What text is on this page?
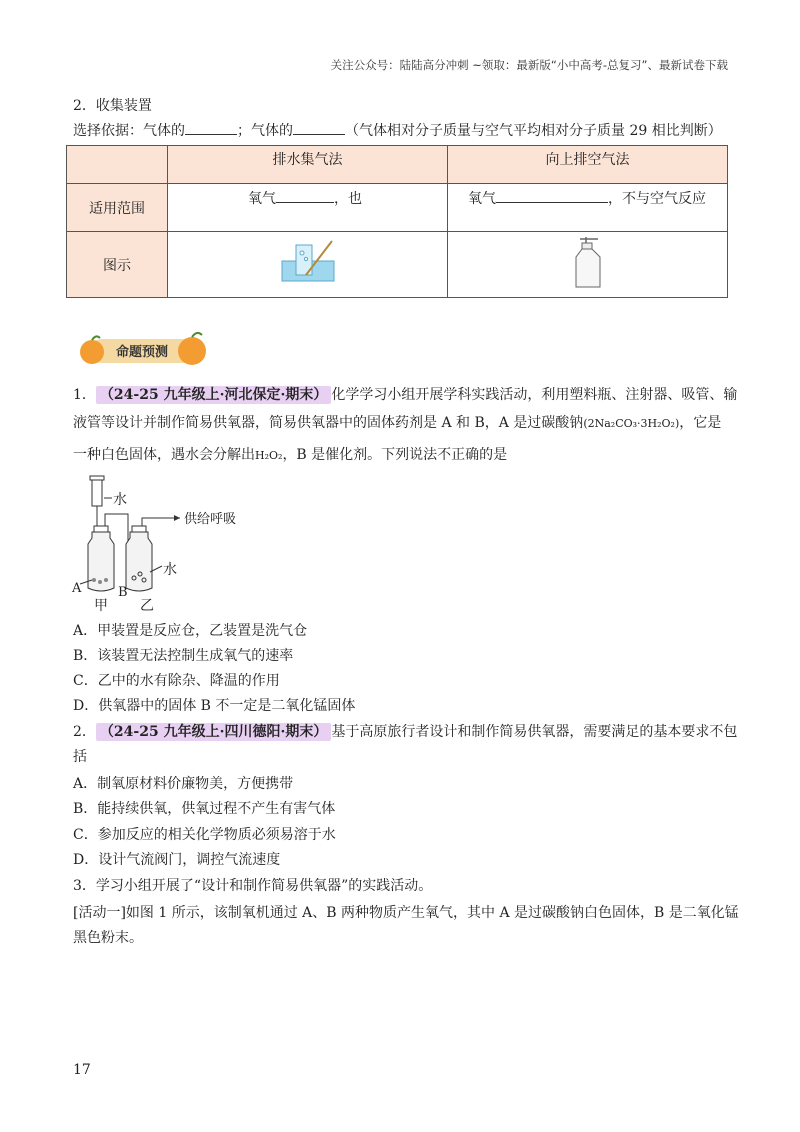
关注公众号：陆陆高分冲刺 ~领取：最新版“小中高考-总复习”、最新试卷下载
2．收集装置
选择依据：气体的	；气体的	（气体相对分子质量与空气平均相对分子质量 29 相比判断）
	排水集气法	向上排空气法
适用范围	氧气 ，也	氧气 ，不与空气反应
图示		
命题预测
1． （24-25 九年级上·河北保定·期末） 化学学习小组开展学科实践活动，利用塑料瓶、注射器、吸管、输
液管等设计并制作简易供氧器，简易供氧器中的固体药剂是 A 和 B，A 是过碳酸钠(2Na₂CO₃·3H₂O₂)，它是
一种白色固体，遇水会分解出H₂O₂，B 是催化剂。下列说法不正确的是
水
供给呼吸
水
A	B
甲 乙
A．甲装置是反应仓，乙装置是洗气仓
B．该装置无法控制生成氧气的速率
C．乙中的水有除杂、降温的作用
D．供氧器中的固体 B 不一定是二氧化锰固体
2． （24-25 九年级上·四川德阳·期末） 基于高原旅行者设计和制作简易供氧器，需要满足的基本要求不包
括
A．制氧原材料价廉物美，方便携带
B．能持续供氧，供氧过程不产生有害气体
C．参加反应的相关化学物质必须易溶于水
D．设计气流阀门，调控气流速度
3．学习小组开展了“设计和制作简易供氧器”的实践活动。
[活动一]如图 1 所示，该制氧机通过 A、B 两种物质产生氧气，其中 A 是过碳酸钠白色固体，B 是二氧化锰
黑色粉末。
17
